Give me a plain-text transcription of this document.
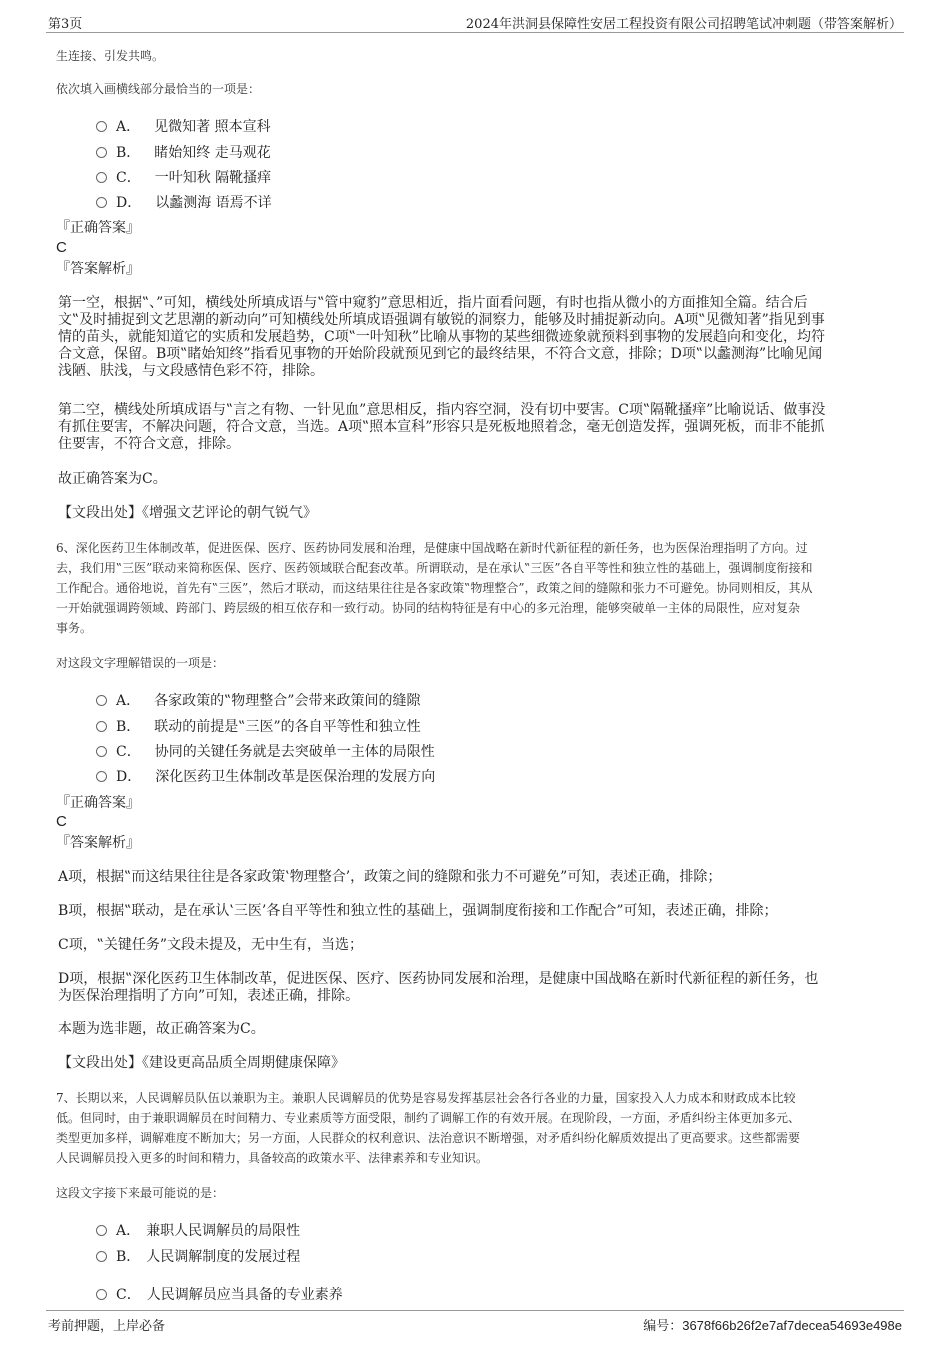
第3页	2024年洪洞县保障性安居工程投资有限公司招聘笔试冲刺题（带答案解析）
生连接、引发共鸣。
依次填入画横线部分最恰当的一项是：
A． 见微知著 照本宣科
B． 睹始知终 走马观花
C． 一叶知秋 隔靴搔痒
D． 以蠡测海 语焉不详
『正确答案』
C
『答案解析』
第一空，根据‟、”可知，横线处所填成语与‟管中窥豹”意思相近，指片面看问题，有时也指从微小的方面推知全篇。结合后
文‟及时捕捉到文艺思潮的新动向”可知横线处所填成语强调有敏锐的洞察力，能够及时捕捉新动向。A项‟见微知著”指见到事
情的苗头，就能知道它的实质和发展趋势，C项‟一叶知秋”比喻从事物的某些细微迹象就预料到事物的发展趋向和变化，均符
合文意，保留。B项‟睹始知终”指看见事物的开始阶段就预见到它的最终结果，不符合文意，排除；D项‟以蠡测海”比喻见闻
浅陋、肤浅，与文段感情色彩不符，排除。
第二空，横线处所填成语与‟言之有物、一针见血”意思相反，指内容空洞，没有切中要害。C项‟隔靴搔痒”比喻说话、做事没
有抓住要害，不解决问题，符合文意，当选。A项‟照本宣科”形容只是死板地照着念，毫无创造发挥，强调死板，而非不能抓
住要害，不符合文意，排除。
故正确答案为C。
【文段出处】《增强文艺评论的朝气锐气》
6、深化医药卫生体制改革，促进医保、医疗、医药协同发展和治理，是健康中国战略在新时代新征程的新任务，也为医保治理指明了方向。过
去，我们用‟三医”联动来简称医保、医疗、医药领域联合配套改革。所谓联动，是在承认‟三医”各自平等性和独立性的基础上，强调制度衔接和
工作配合。通俗地说，首先有‟三医”，然后才联动，而这结果往往是各家政策‟物理整合”，政策之间的缝隙和张力不可避免。协同则相反，其从
一开始就强调跨领域、跨部门、跨层级的相互依存和一致行动。协同的结构特征是有中心的多元治理，能够突破单一主体的局限性，应对复杂
事务。
对这段文字理解错误的一项是：
A． 各家政策的‟物理整合”会带来政策间的缝隙
B． 联动的前提是‟三医”的各自平等性和独立性
C． 协同的关键任务就是去突破单一主体的局限性
D． 深化医药卫生体制改革是医保治理的发展方向
『正确答案』
C
『答案解析』
A项，根据‟而这结果往往是各家政策‛物理整合’，政策之间的缝隙和张力不可避免”可知，表述正确，排除；
B项，根据‟联动，是在承认‛三医’各自平等性和独立性的基础上，强调制度衔接和工作配合”可知，表述正确，排除；
C项，‟关键任务”文段未提及，无中生有，当选；
D项，根据‟深化医药卫生体制改革，促进医保、医疗、医药协同发展和治理，是健康中国战略在新时代新征程的新任务，也
为医保治理指明了方向”可知，表述正确，排除。
本题为选非题，故正确答案为C。
【文段出处】《建设更高品质全周期健康保障》
7、长期以来，人民调解员队伍以兼职为主。兼职人民调解员的优势是容易发挥基层社会各行各业的力量，国家投入人力成本和财政成本比较
低。但同时，由于兼职调解员在时间精力、专业素质等方面受限，制约了调解工作的有效开展。在现阶段，一方面，矛盾纠纷主体更加多元、
类型更加多样，调解难度不断加大；另一方面，人民群众的权利意识、法治意识不断增强，对矛盾纠纷化解质效提出了更高要求。这些都需要
人民调解员投入更多的时间和精力，具备较高的政策水平、法律素养和专业知识。
这段文字接下来最可能说的是：
A． 兼职人民调解员的局限性
B． 人民调解制度的发展过程
C． 人民调解员应当具备的专业素养
考前押题，上岸必备	编号：3678f66b26f2e7af7decea54693e498e
